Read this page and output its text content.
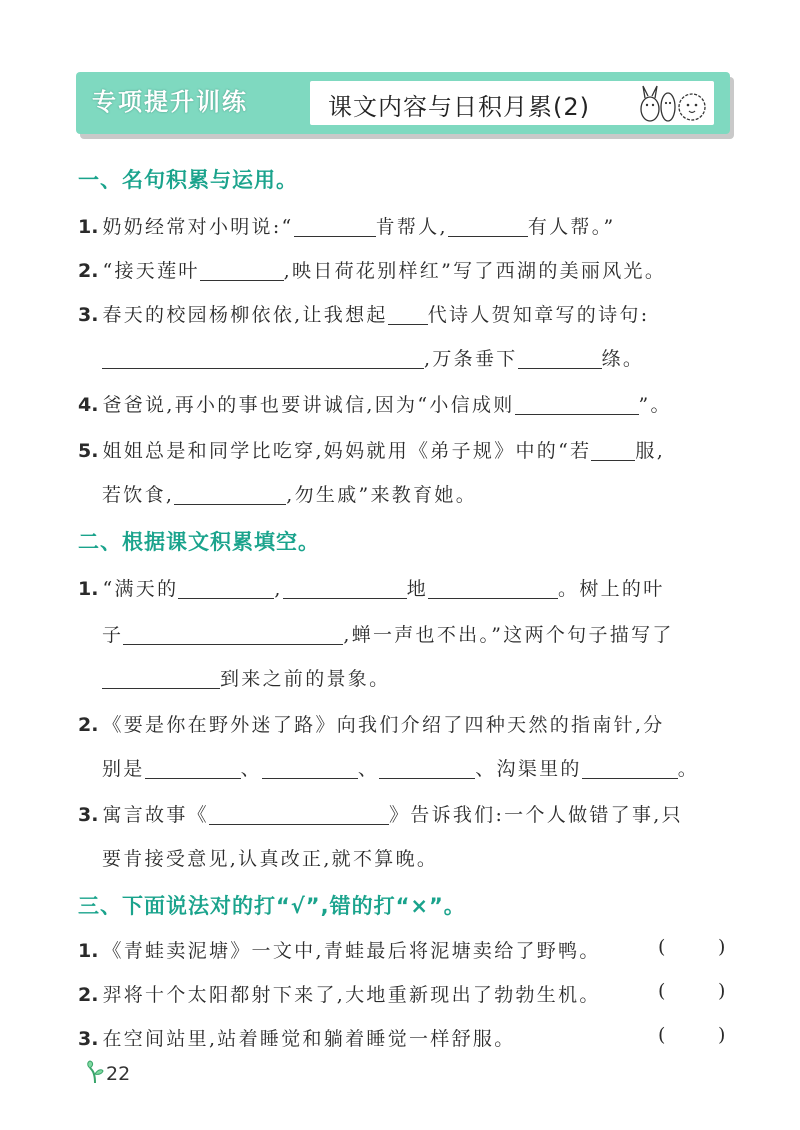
专项提升训练	课文内容与日积月累(2)
一、名句积累与运用。
1. 奶奶经常对小明说:“	肯帮人,	有人帮。”
2. “接天莲叶	,映日荷花别样红”写了西湖的美丽风光。
3. 春天的校园杨柳依依,让我想起 代诗人贺知章写的诗句:
,万条垂下	绦。
4. 爸爸说,再小的事也要讲诚信,因为“小信成则	”。
5. 姐姐总是和同学比吃穿,妈妈就用《弟子规》中的“若 服,
若饮食,	,勿生戚”来教育她。
二、根据课文积累填空。
1. “满天的	,	地	。树上的叶
子	,蝉一声也不出。”这两个句子描写了
到来之前的景象。
2. 《要是你在野外迷了路》向我们介绍了四种天然的指南针,分
别是	、	、	、沟渠里的	。
3. 寓言故事《	》告诉我们:一个人做错了事,只
要肯接受意见,认真改正,就不算晚。
三、下面说法对的打“√”,错的打“×”。
1. 《青蛙卖泥塘》一文中,青蛙最后将泥塘卖给了野鸭。	(	)
2. 羿将十个太阳都射下来了,大地重新现出了勃勃生机。	(	)
3. 在空间站里,站着睡觉和躺着睡觉一样舒服。	(	)
22
